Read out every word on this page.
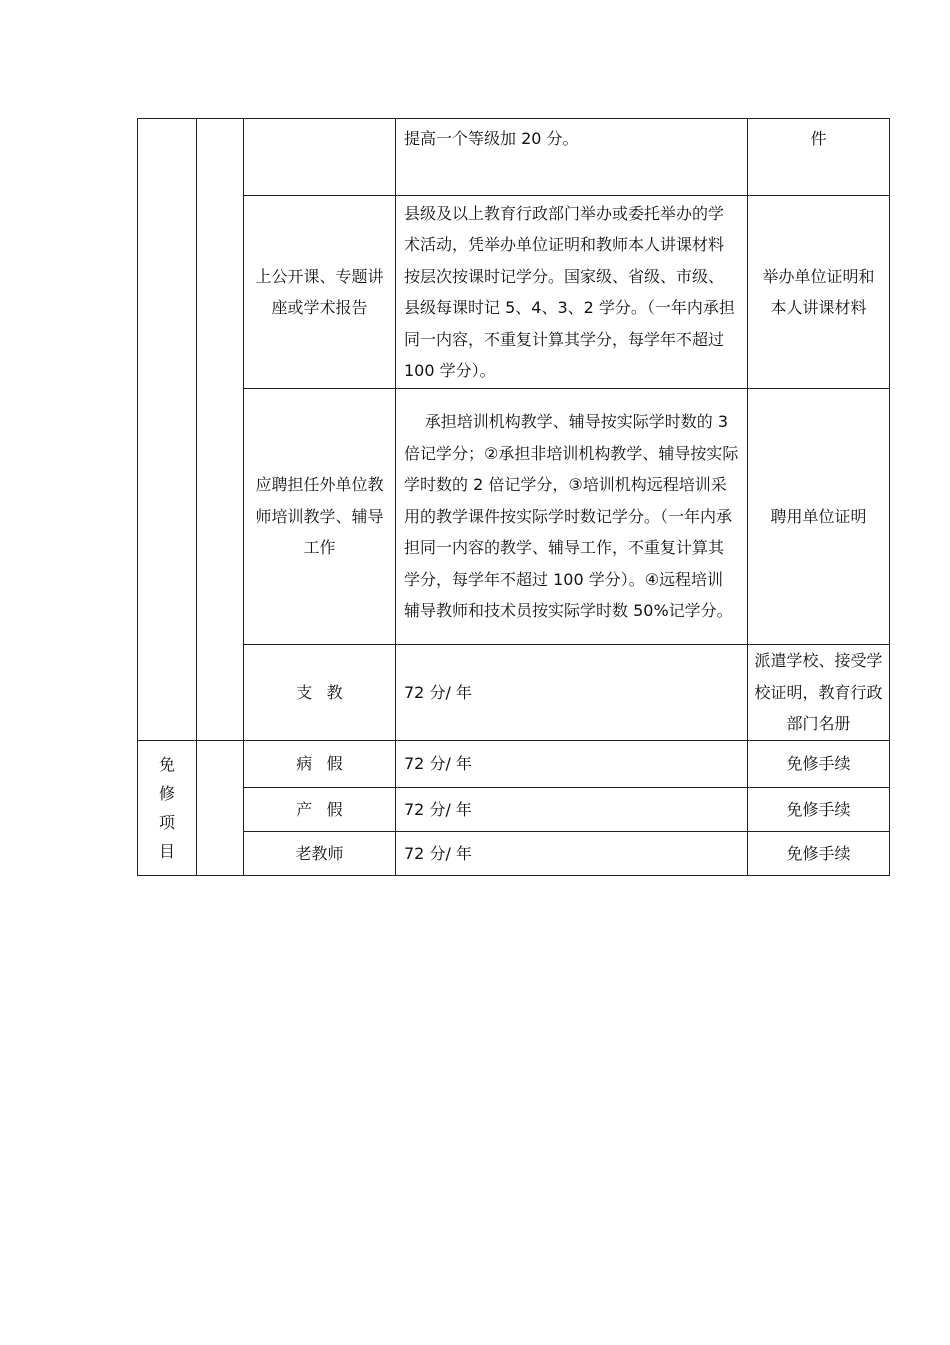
			提高一个等级加 20 分。	件

		上公开课、专题讲座或学术报告	县级及以上教育行政部门举办或委托举办的学术活动，凭举办单位证明和教师本人讲课材料按层次按课时记学分。国家级、省级、市级、县级每课时记 5、4、3、2 学分。（一年内承担同一内容，不重复计算其学分，每学年不超过 100 学分）。	举办单位证明和本人讲课材料

		应聘担任外单位教师培训教学、辅导工作	承担培训机构教学、辅导按实际学时数的 3 倍记学分；②承担非培训机构教学、辅导按实际学时数的 2 倍记学分，③培训机构远程培训采用的教学课件按实际学时数记学分。（一年内承担同一内容的教学、辅导工作，不重复计算其学分，每学年不超过 100 学分）。④远程培训辅导教师和技术员按实际学时数 50%记学分。	聘用单位证明
		支教	72 分/ 年	派遣学校、接受学校证明，教育行政部门名册

免修项目		病假	72 分/ 年	免修手续
		产假	72 分/ 年	免修手续
		老教师	72 分/ 年	免修手续
